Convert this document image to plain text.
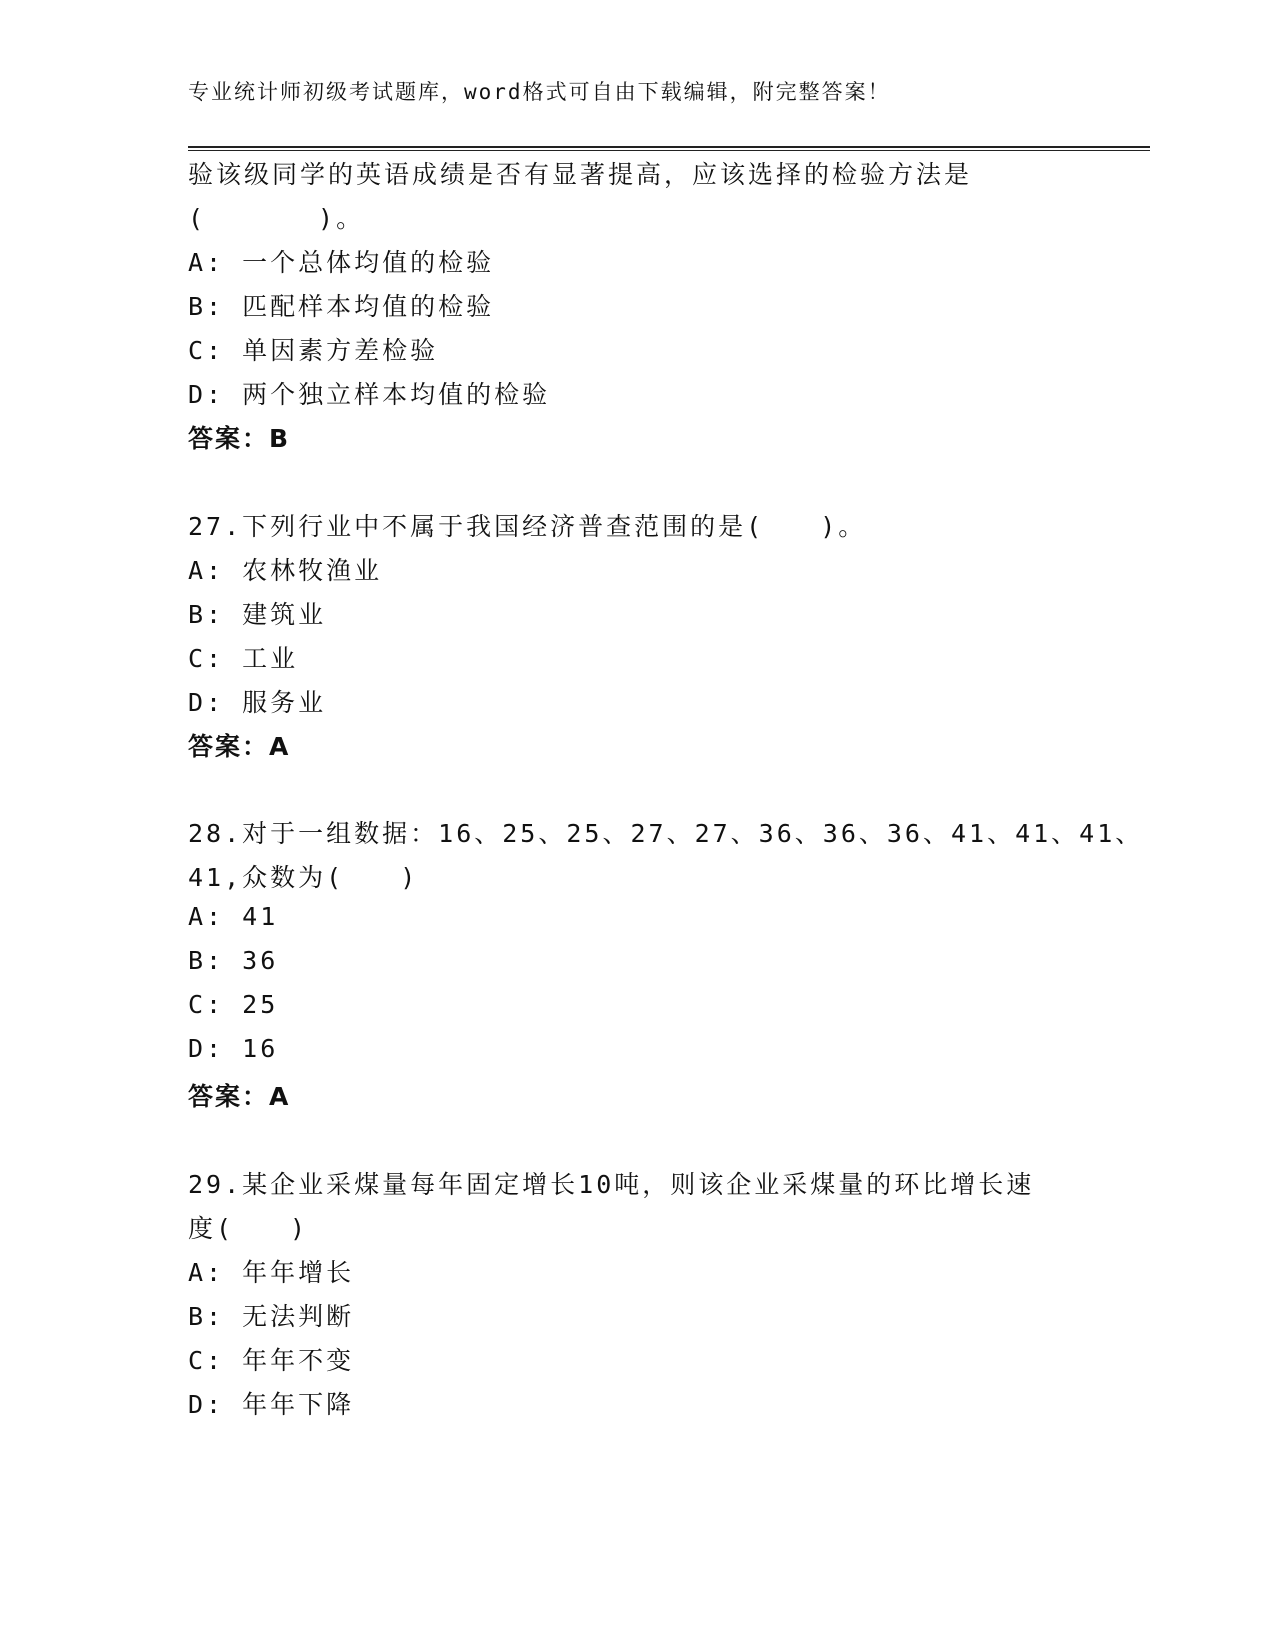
专业统计师初级考试题库，word格式可自由下载编辑，附完整答案！
验该级同学的英语成绩是否有显著提高，应该选择的检验方法是
(　　　　)。
A: 一个总体均值的检验
B: 匹配样本均值的检验
C: 单因素方差检验
D: 两个独立样本均值的检验
答案：B
27.下列行业中不属于我国经济普查范围的是(　　)。
A: 农林牧渔业
B: 建筑业
C: 工业
D: 服务业
答案：A
28.对于一组数据：16、25、25、27、27、36、36、36、41、41、41、
41,众数为(　　)
A: 41
B: 36
C: 25
D: 16
答案：A
29.某企业采煤量每年固定增长10吨，则该企业采煤量的环比增长速
度(　　)
A: 年年增长
B: 无法判断
C: 年年不变
D: 年年下降
